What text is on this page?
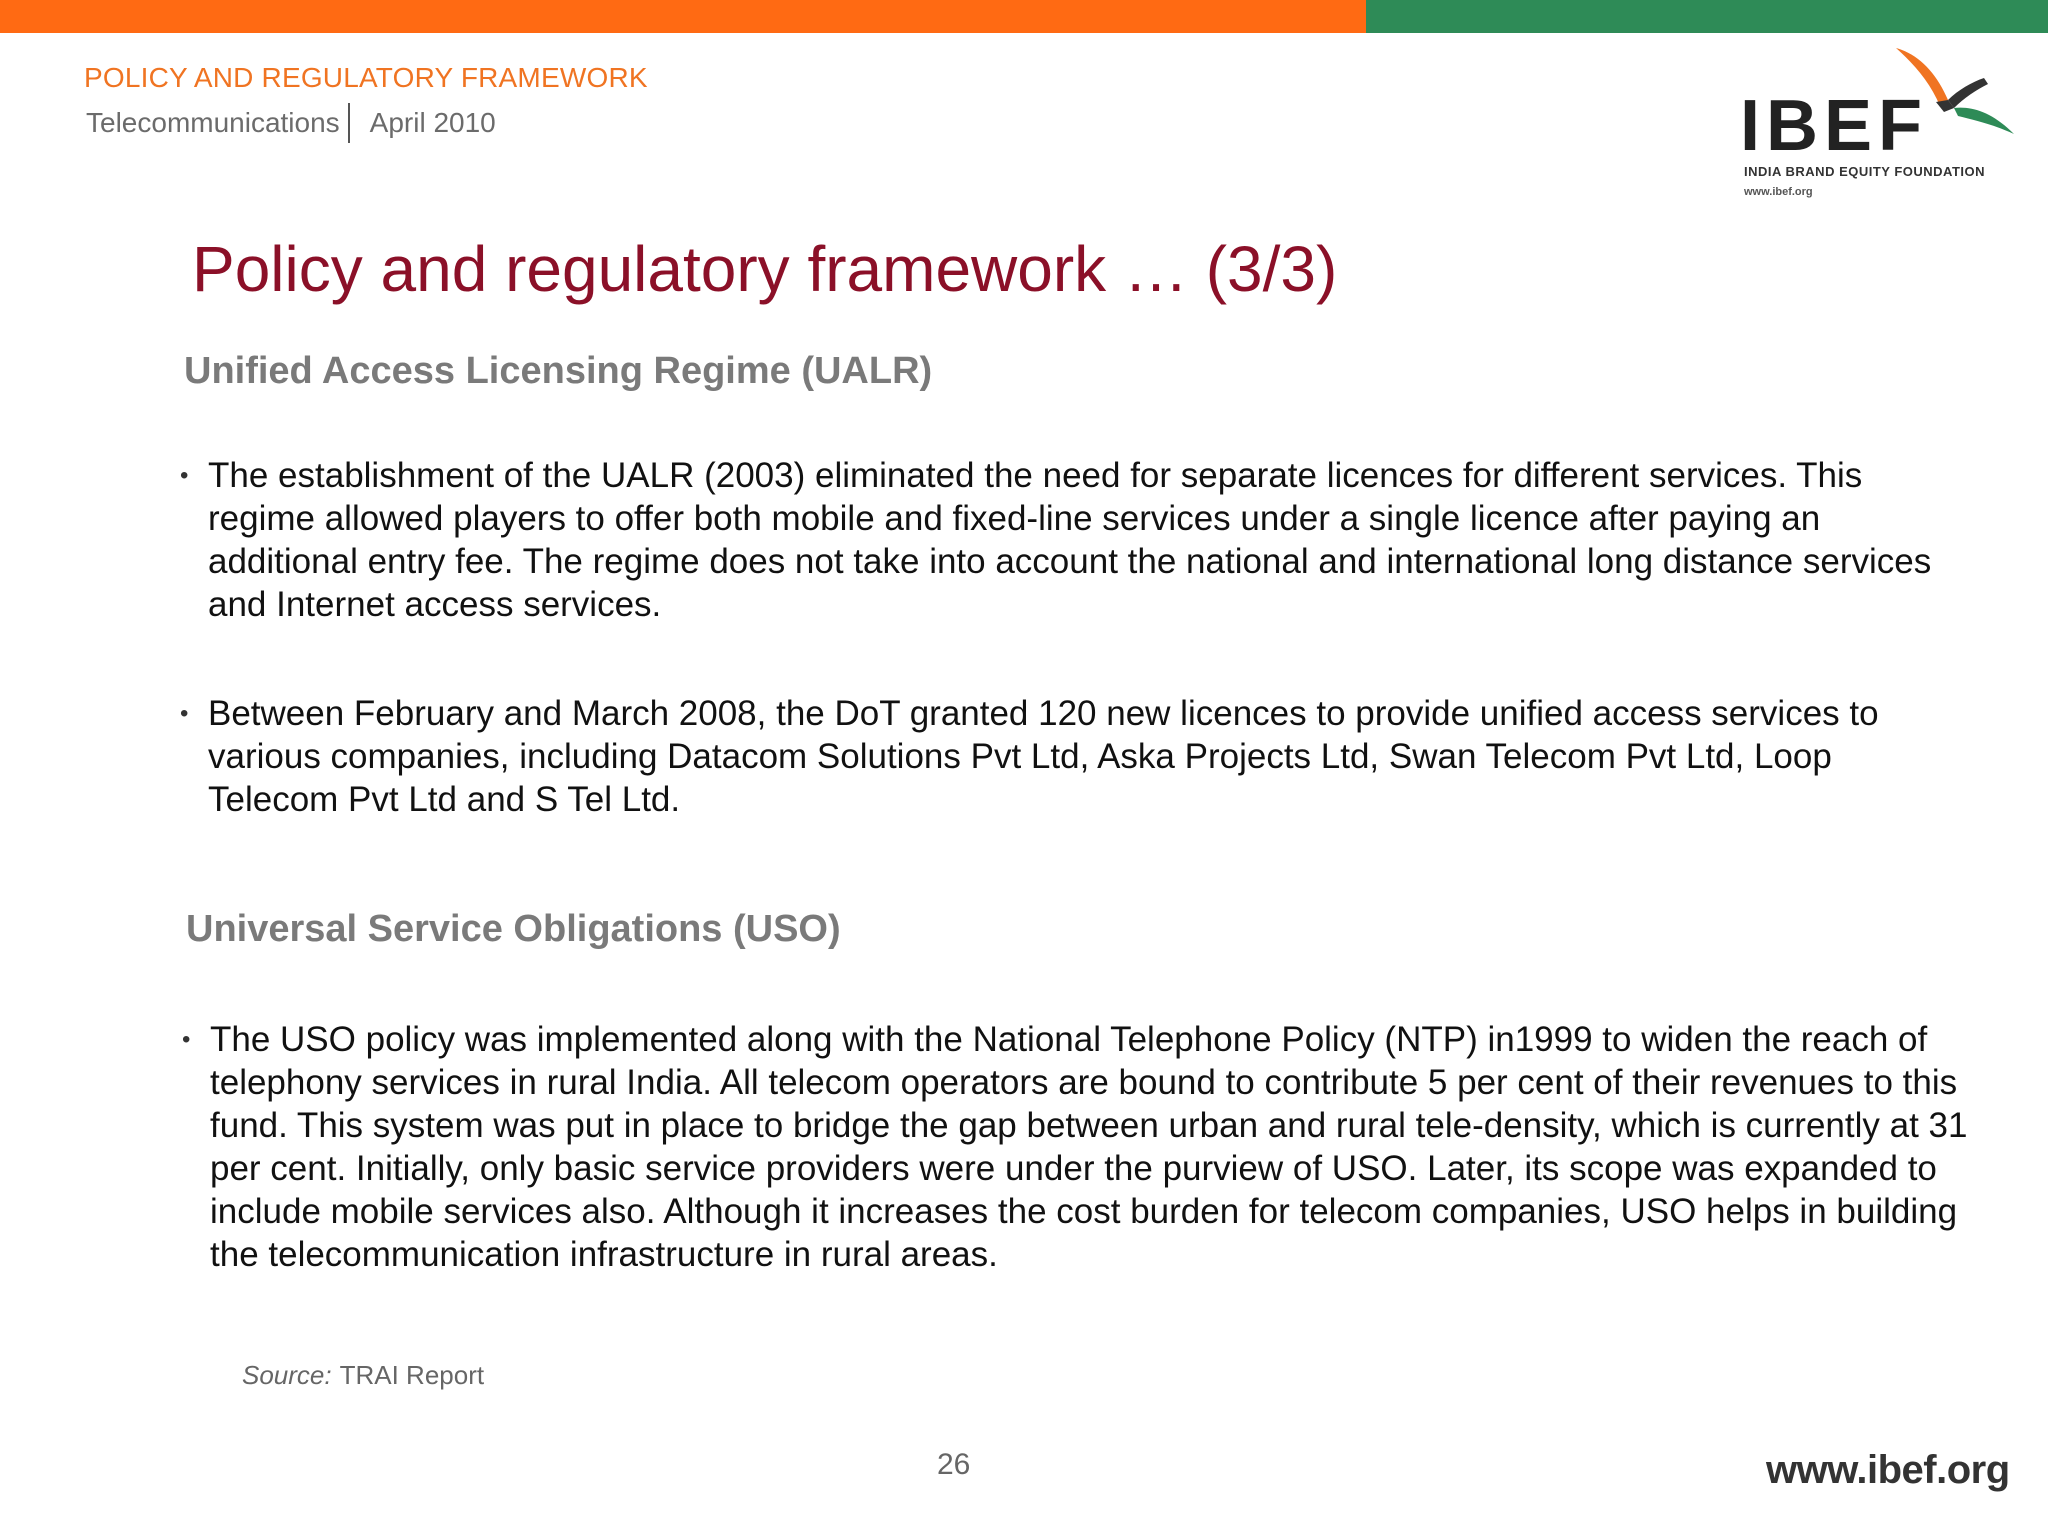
POLICY AND REGULATORY FRAMEWORK
Telecommunications April 2010	IBEF
INDIA BRAND EQUITY FOUNDATION
www.ibef.org
Policy and regulatory framework … (3/3)
Unified Access Licensing Regime (UALR)
• The establishment of the UALR (2003) eliminated the need for separate licences for different services. This regime allowed players to offer both mobile and fixed-line services under a single licence after paying an additional entry fee. The regime does not take into account the national and international long distance services and Internet access services.
• Between February and March 2008, the DoT granted 120 new licences to provide unified access services to various companies, including Datacom Solutions Pvt Ltd, Aska Projects Ltd, Swan Telecom Pvt Ltd, Loop Telecom Pvt Ltd and S Tel Ltd.
Universal Service Obligations (USO)
• The USO policy was implemented along with the National Telephone Policy (NTP) in1999 to widen the reach of telephony services in rural India. All telecom operators are bound to contribute 5 per cent of their revenues to this fund. This system was put in place to bridge the gap between urban and rural tele-density, which is currently at 31 per cent. Initially, only basic service providers were under the purview of USO. Later, its scope was expanded to include mobile services also. Although it increases the cost burden for telecom companies, USO helps in building the telecommunication infrastructure in rural areas.
Source: TRAI Report
26	www.ibef.org
